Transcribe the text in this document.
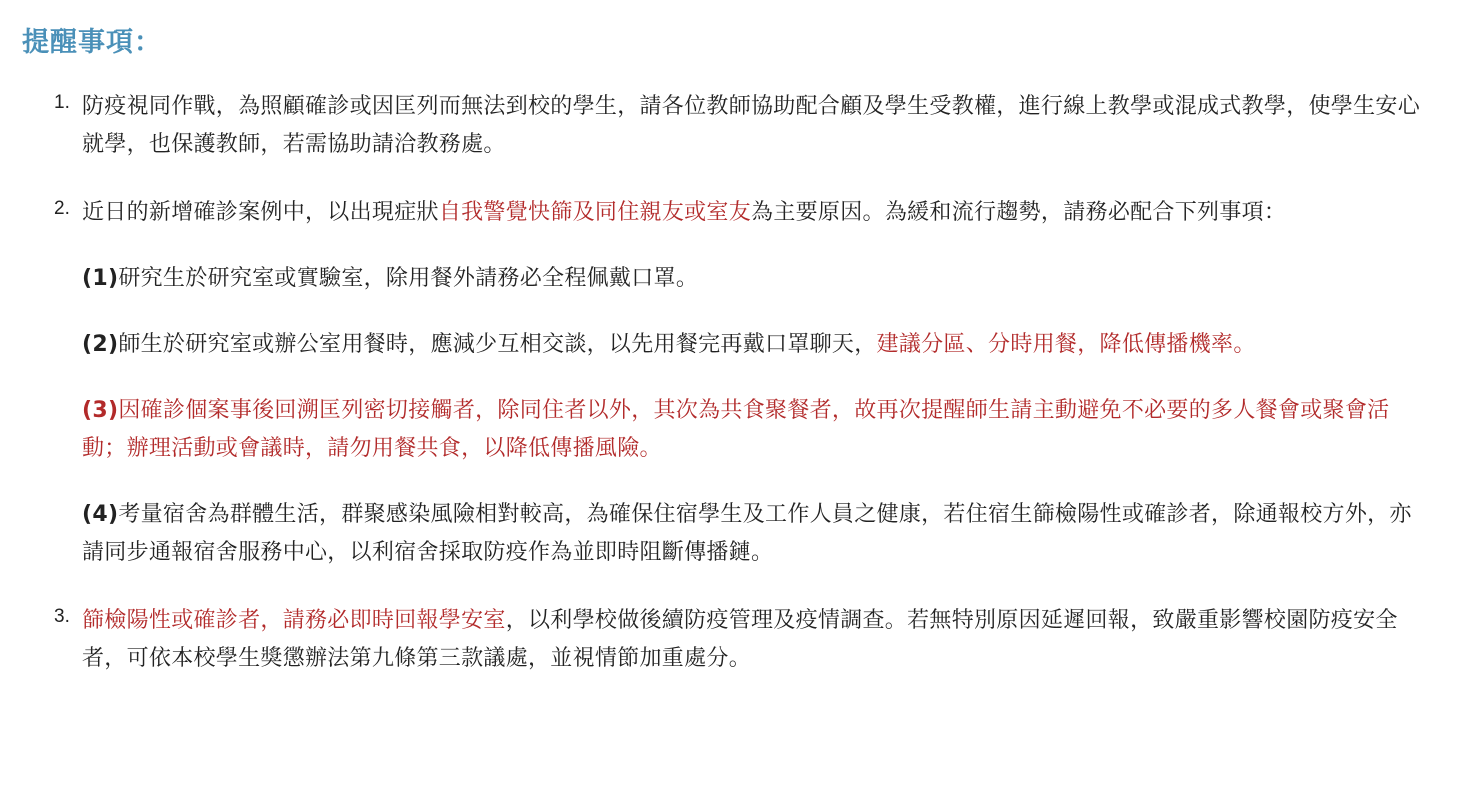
提醒事項：
1. 防疫視同作戰，為照顧確診或因匡列而無法到校的學生，請各位教師協助配合顧及學生受教權，進行線上教學或混成式教學，使學生安心就學，也保護教師，若需協助請洽教務處。

2. 近日的新增確診案例中，以出現症狀自我警覺快篩及同住親友或室友為主要原因。為緩和流行趨勢，請務必配合下列事項：

(1)研究生於研究室或實驗室，除用餐外請務必全程佩戴口罩。

(2)師生於研究室或辦公室用餐時，應減少互相交談，以先用餐完再戴口罩聊天，建議分區、分時用餐，降低傳播機率。

(3)因確診個案事後回溯匡列密切接觸者，除同住者以外，其次為共食聚餐者，故再次提醒師生請主動避免不必要的多人餐會或聚會活動；辦理活動或會議時，請勿用餐共食，以降低傳播風險。

(4)考量宿舍為群體生活，群聚感染風險相對較高，為確保住宿學生及工作人員之健康，若住宿生篩檢陽性或確診者，除通報校方外，亦請同步通報宿舍服務中心，以利宿舍採取防疫作為並即時阻斷傳播鏈。

3. 篩檢陽性或確診者，請務必即時回報學安室，以利學校做後續防疫管理及疫情調查。若無特別原因延遲回報，致嚴重影響校園防疫安全者，可依本校學生獎懲辦法第九條第三款議處，並視情節加重處分。
